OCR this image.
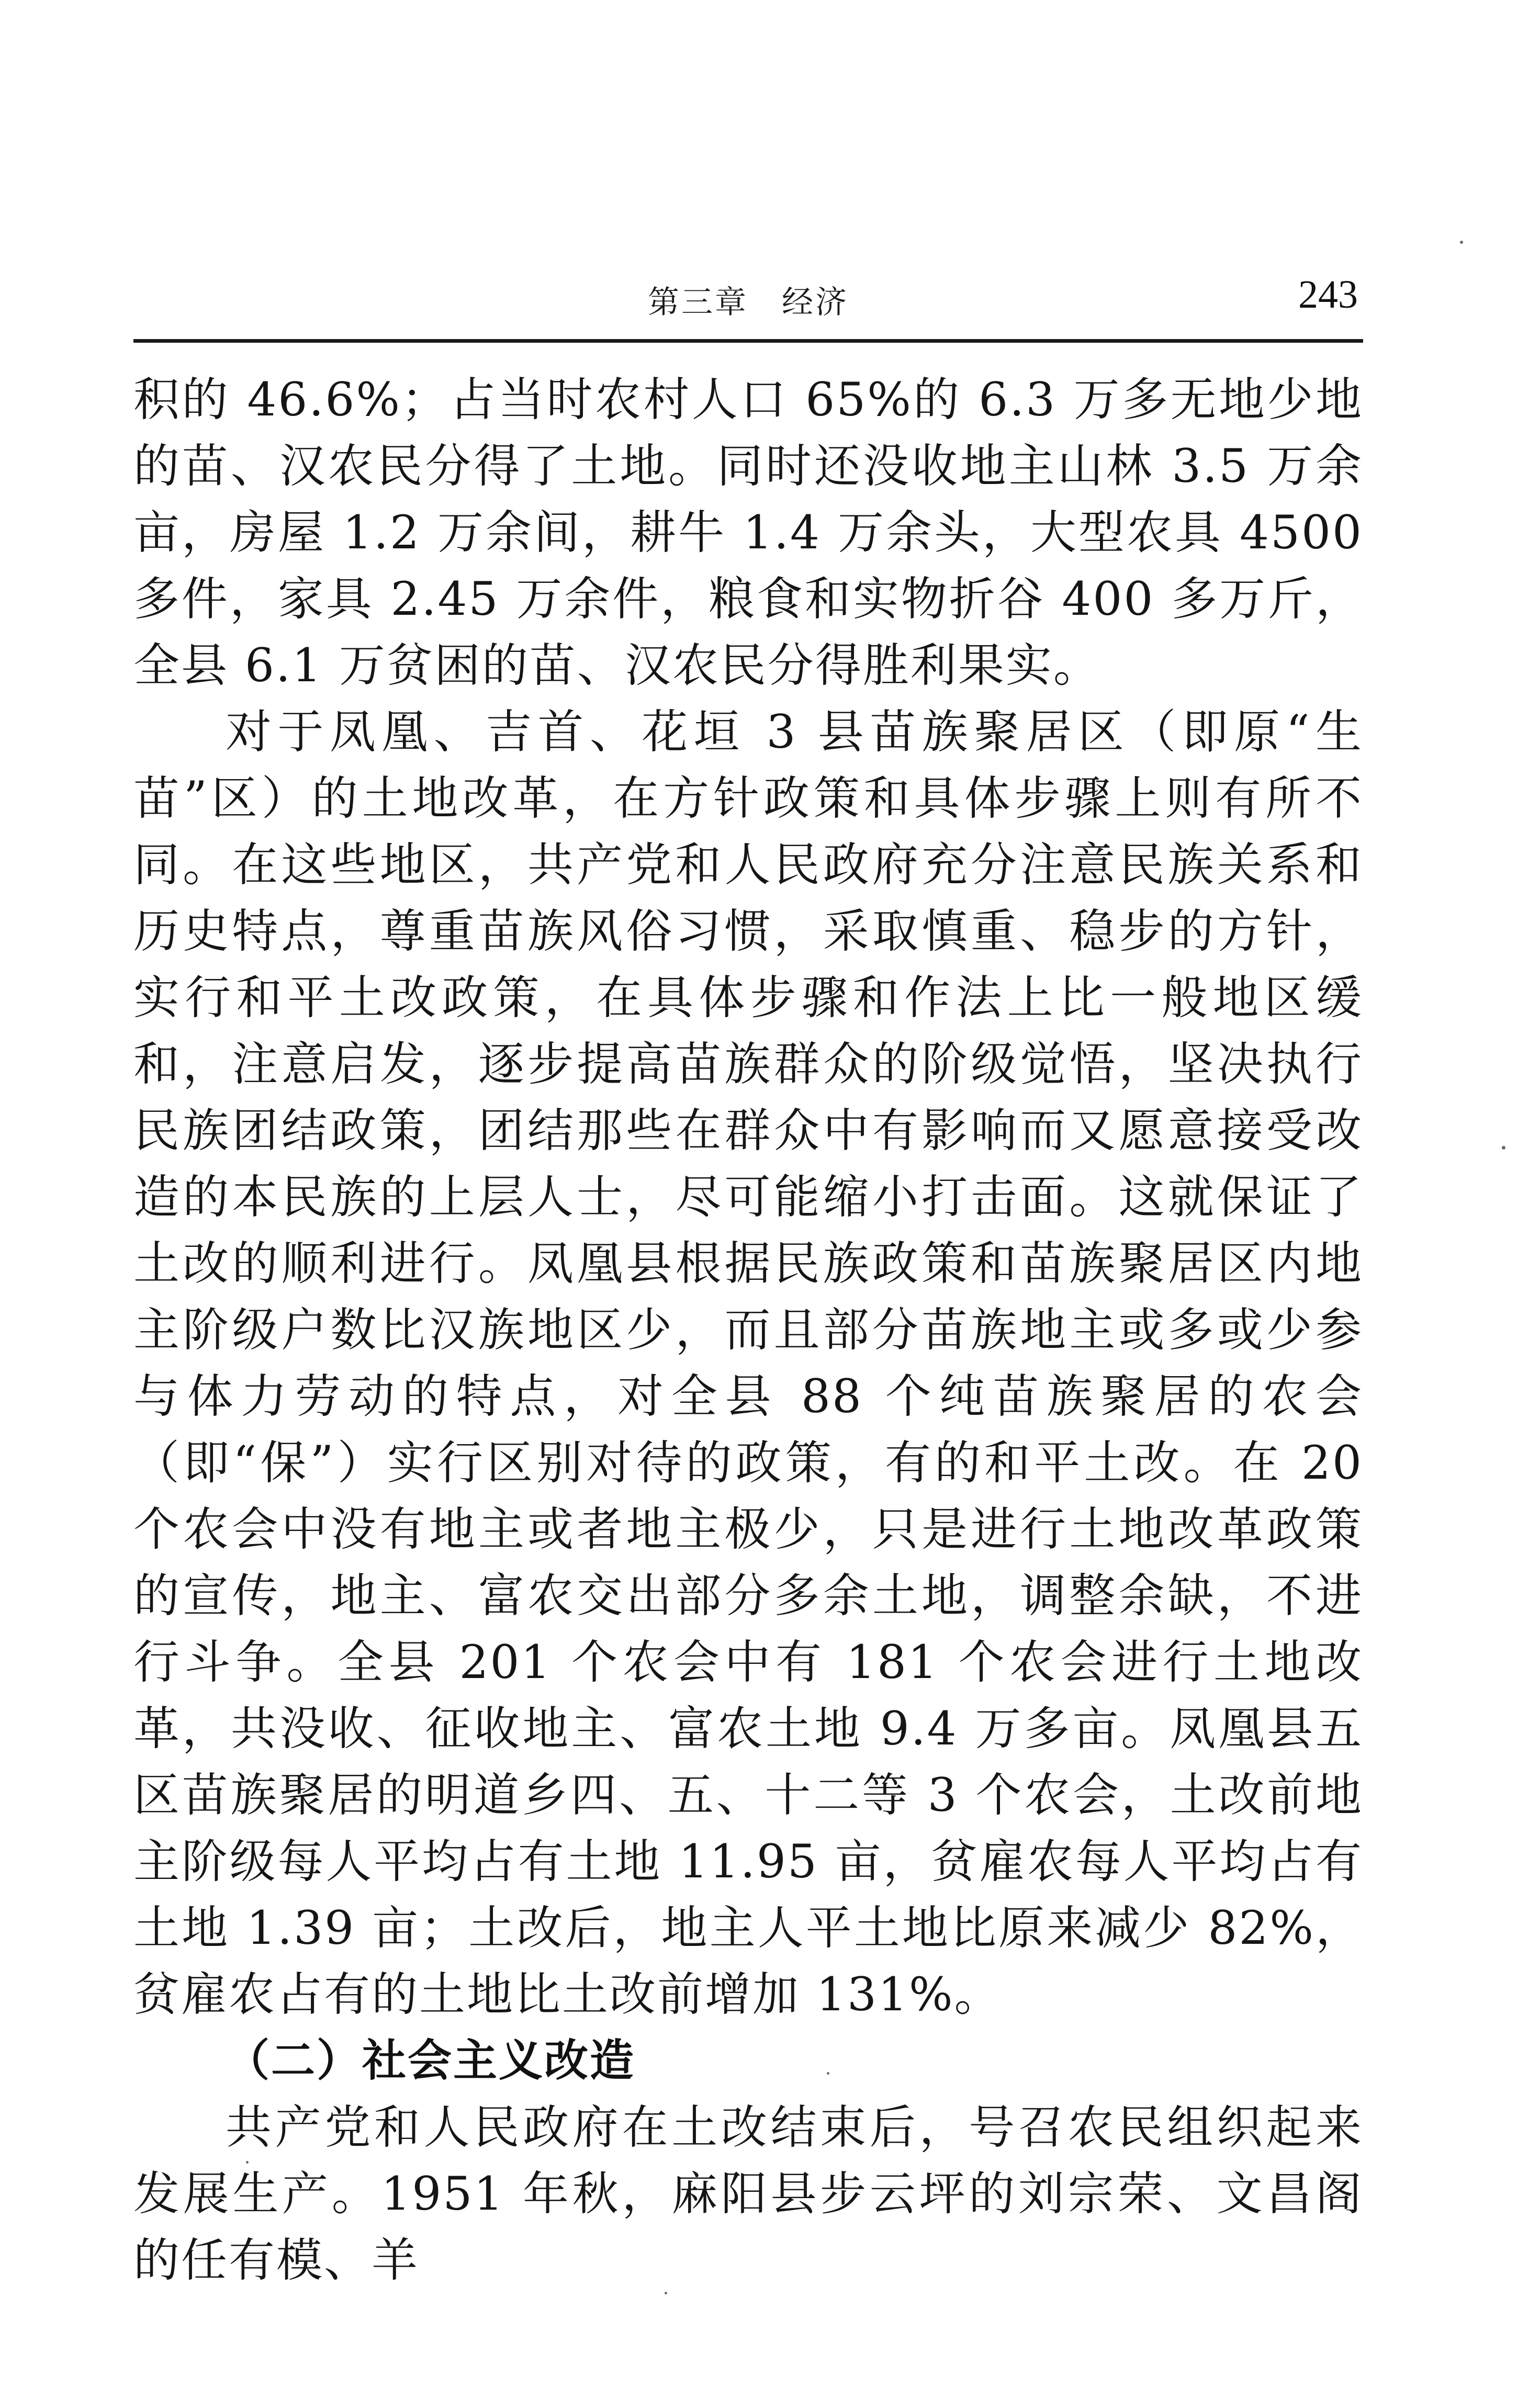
第三章　经济	243

积的 46.6%；占当时农村人口 65%的 6.3 万多无地少地的苗、汉农民分得了土地。同时还没收地主山林 3.5 万余亩，房屋 1.2 万余间，耕牛 1.4 万余头，大型农具 4500 多件，家具 2.45 万余件，粮食和实物折谷 400 多万斤，全县 6.1 万贫困的苗、汉农民分得胜利果实。

对于凤凰、吉首、花垣 3 县苗族聚居区（即原“生苗”区）的土地改革，在方针政策和具体步骤上则有所不同。在这些地区，共产党和人民政府充分注意民族关系和历史特点，尊重苗族风俗习惯，采取慎重、稳步的方针，实行和平土改政策，在具体步骤和作法上比一般地区缓和，注意启发，逐步提高苗族群众的阶级觉悟，坚决执行民族团结政策，团结那些在群众中有影响而又愿意接受改造的本民族的上层人士，尽可能缩小打击面。这就保证了土改的顺利进行。凤凰县根据民族政策和苗族聚居区内地主阶级户数比汉族地区少，而且部分苗族地主或多或少参与体力劳动的特点，对全县 88 个纯苗族聚居的农会（即“保”）实行区别对待的政策，有的和平土改。在 20 个农会中没有地主或者地主极少，只是进行土地改革政策的宣传，地主、富农交出部分多余土地，调整余缺，不进行斗争。全县 201 个农会中有 181 个农会进行土地改革，共没收、征收地主、富农土地 9.4 万多亩。凤凰县五区苗族聚居的明道乡四、五、十二等 3 个农会，土改前地主阶级每人平均占有土地 11.95 亩，贫雇农每人平均占有土地 1.39 亩；土改后，地主人平土地比原来减少 82%，贫雇农占有的土地比土改前增加 131%。

（二）社会主义改造

共产党和人民政府在土改结束后，号召农民组织起来发展生产。1951 年秋，麻阳县步云坪的刘宗荣、文昌阁的任有模、羊
